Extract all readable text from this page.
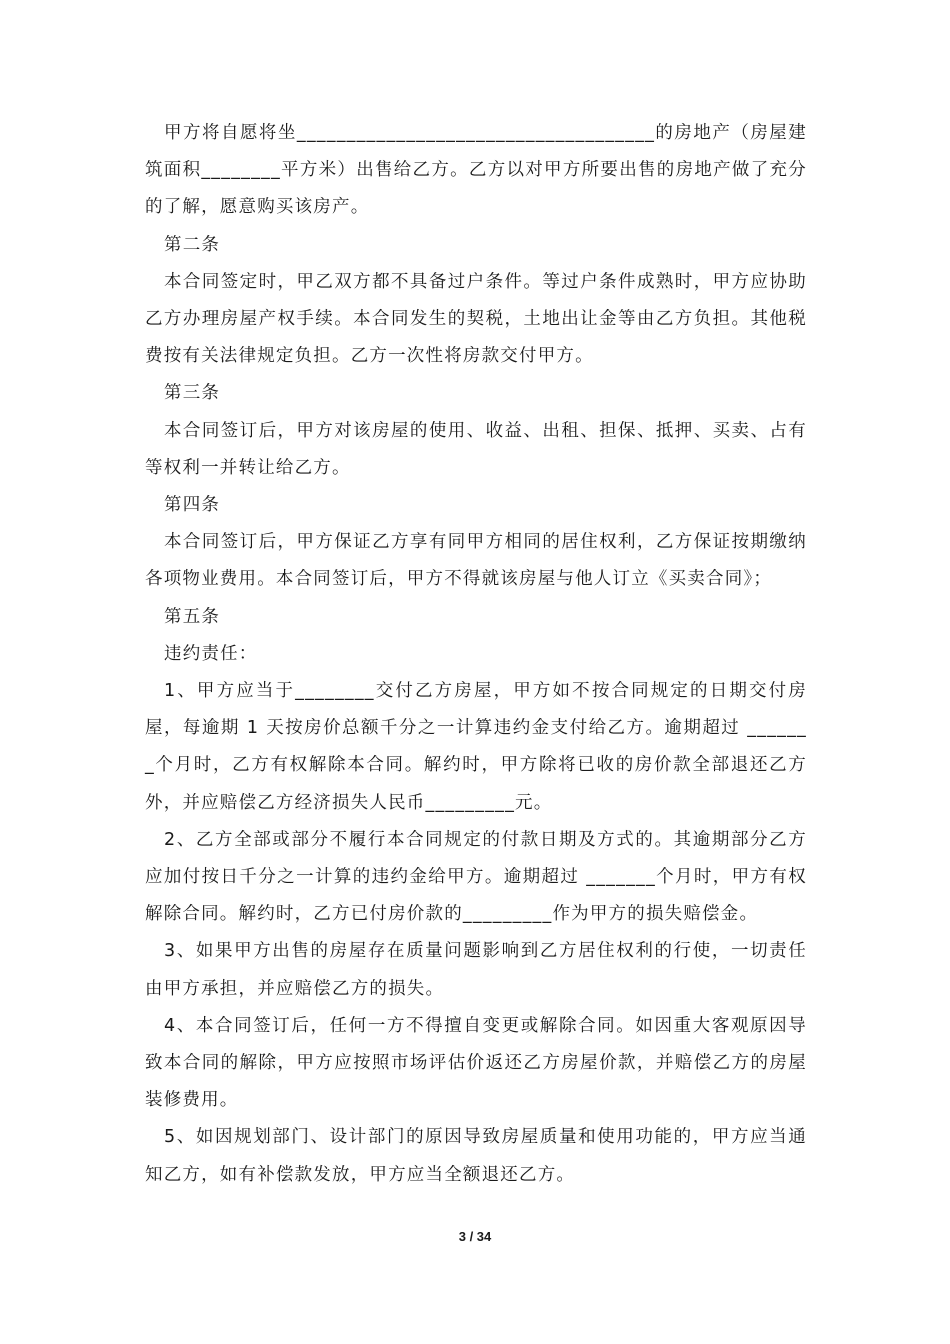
甲方将自愿将坐____________________________________的房地产（房屋建筑面积________平方米）出售给乙方。乙方以对甲方所要出售的房地产做了充分的了解，愿意购买该房产。

第二条

本合同签定时，甲乙双方都不具备过户条件。等过户条件成熟时，甲方应协助乙方办理房屋产权手续。本合同发生的契税，土地出让金等由乙方负担。其他税费按有关法律规定负担。乙方一次性将房款交付甲方。

第三条

本合同签订后，甲方对该房屋的使用、收益、出租、担保、抵押、买卖、占有等权利一并转让给乙方。

第四条

本合同签订后，甲方保证乙方享有同甲方相同的居住权利，乙方保证按期缴纳各项物业费用。本合同签订后，甲方不得就该房屋与他人订立《买卖合同》；

第五条

违约责任：

1、甲方应当于________交付乙方房屋，甲方如不按合同规定的日期交付房屋，每逾期 1 天按房价总额千分之一计算违约金支付给乙方。逾期超过 _______个月时，乙方有权解除本合同。解约时，甲方除将已收的房价款全部退还乙方外，并应赔偿乙方经济损失人民币_________元。

2、乙方全部或部分不履行本合同规定的付款日期及方式的。其逾期部分乙方应加付按日千分之一计算的违约金给甲方。逾期超过 _______个月时，甲方有权解除合同。解约时，乙方已付房价款的_________作为甲方的损失赔偿金。

3、如果甲方出售的房屋存在质量问题影响到乙方居住权利的行使，一切责任由甲方承担，并应赔偿乙方的损失。

4、本合同签订后，任何一方不得擅自变更或解除合同。如因重大客观原因导致本合同的解除，甲方应按照市场评估价返还乙方房屋价款，并赔偿乙方的房屋装修费用。

5、如因规划部门、设计部门的原因导致房屋质量和使用功能的，甲方应当通知乙方，如有补偿款发放，甲方应当全额退还乙方。

3 / 34
